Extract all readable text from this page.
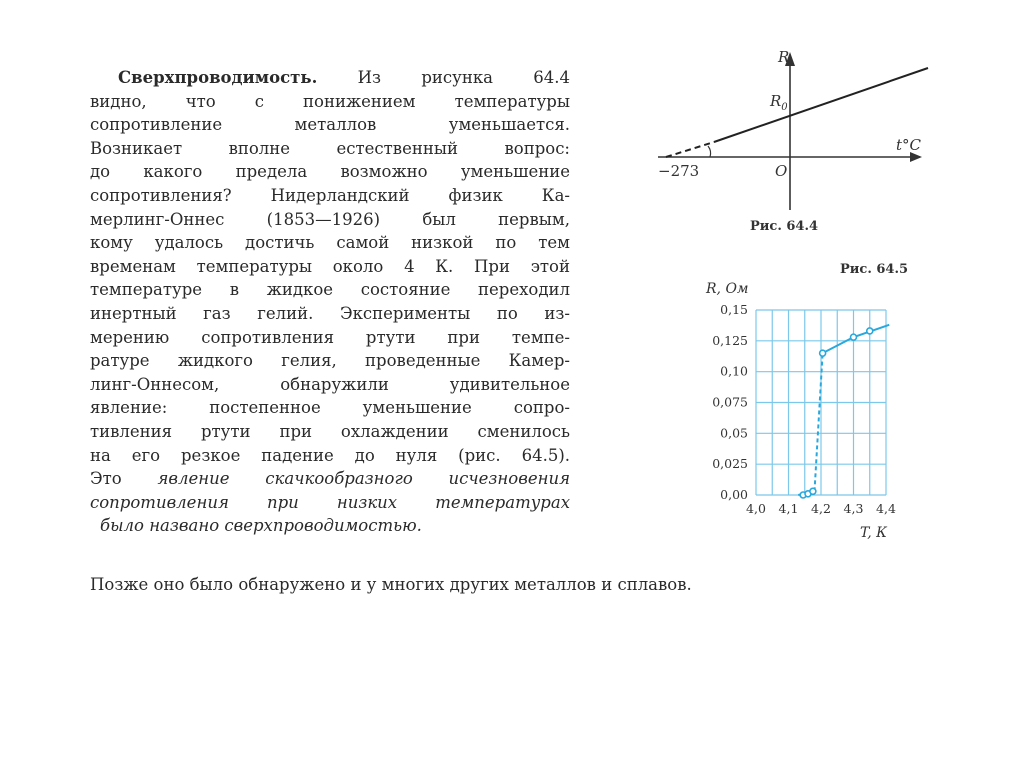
Сверхпроводимость. Из рисунка 64.4
видно, что с понижением температуры
сопротивление металлов уменьшается.
Возникает вполне естественный вопрос:
до какого предела возможно уменьшение
сопротивления? Нидерландский физик Ка-
мерлинг-Оннес (1853—1926) был первым,
кому удалось достичь самой низкой по тем
временам температуры около 4 К. При этой
температуре в жидкое состояние переходил
инертный газ гелий. Эксперименты по из-
мерению сопротивления ртути при темпе-
ратуре жидкого гелия, проведенные Камер-
линг-Оннесом, обнаружили удивительное
явление: постепенное уменьшение сопро-
тивления ртути при охлаждении сменилось
на его резкое падение до нуля (рис. 64.5).
Это явление скачкообразного исчезновения
сопротивления при низких температурах
было названо сверхпроводимостью.
Позже оно было обнаружено и у многих других металлов и сплавов.
R
$R_0$
t°C
O
−273
Рис. 64.4
Рис. 64.5
R, Ом
T, К
0,00
0,025
0,05
0,075
0,10
0,125
0,15
4,0 4,1 4,2 4,3 4,4
